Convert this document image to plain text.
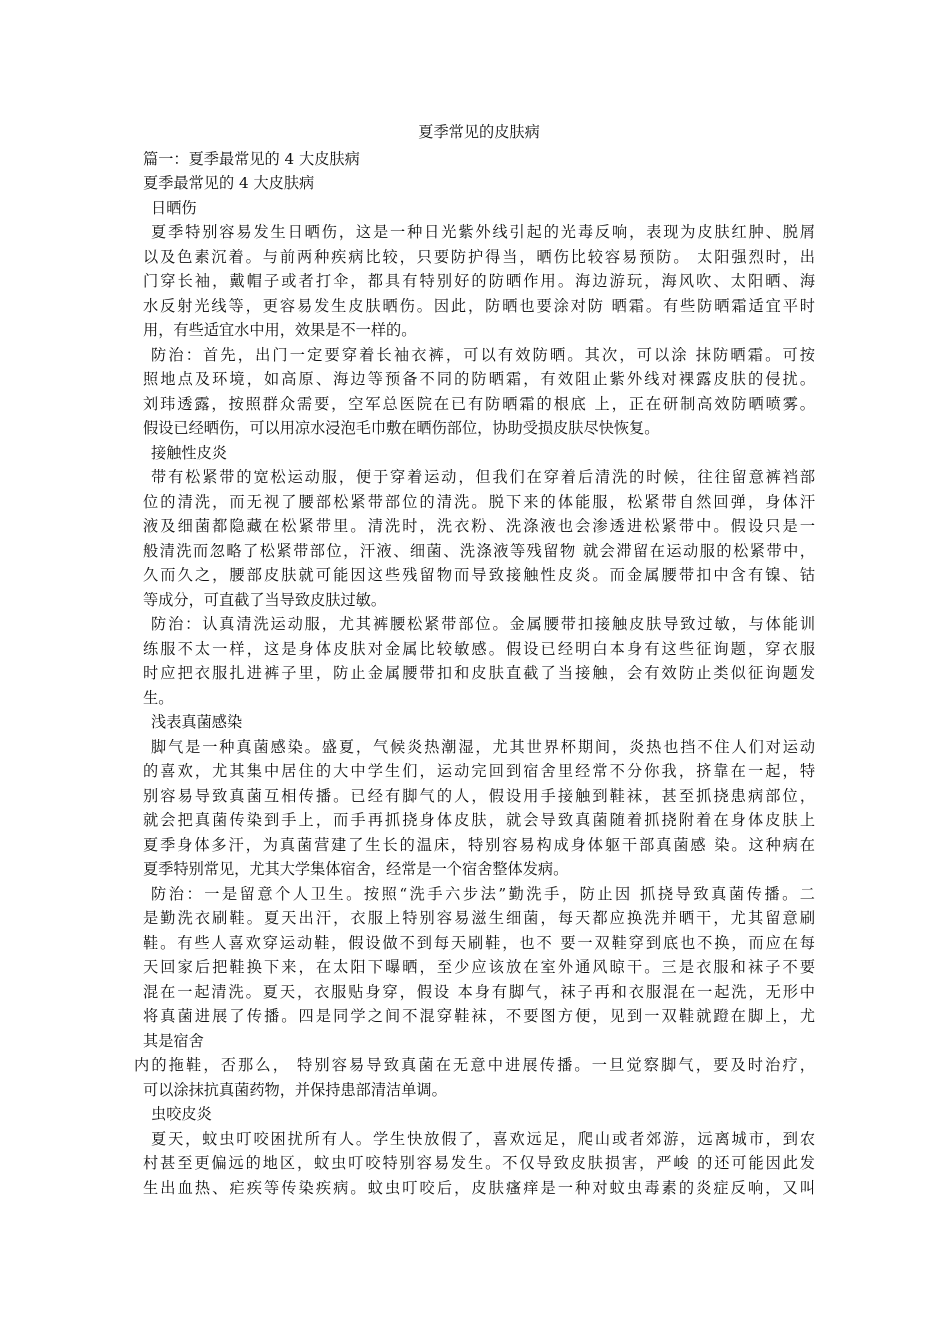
夏季常见的皮肤病

篇一：夏季最常见的 4 大皮肤病

夏季最常见的 4 大皮肤病

日晒伤

夏季特别容易发生日晒伤，这是一种日光紫外线引起的光毒反响，表现为皮肤红肿、脱屑

以及色素沉着。与前两种疾病比较，只要防护得当，晒伤比较容易预防。 太阳强烈时，出

门穿长袖，戴帽子或者打伞，都具有特别好的防晒作用。海边游玩，海风吹、太阳晒、海

水反射光线等，更容易发生皮肤晒伤。因此，防晒也要涂对防 晒霜。有些防晒霜适宜平时

用，有些适宜水中用，效果是不一样的。

防治：首先，出门一定要穿着长袖衣裤，可以有效防晒。其次，可以涂 抹防晒霜。可按

照地点及环境，如高原、海边等预备不同的防晒霜，有效阻止紫外线对裸露皮肤的侵扰。

刘玮透露，按照群众需要，空军总医院在已有防晒霜的根底 上，正在研制高效防晒喷雾。

假设已经晒伤，可以用凉水浸泡毛巾敷在晒伤部位，协助受损皮肤尽快恢复。

接触性皮炎

带有松紧带的宽松运动服，便于穿着运动，但我们在穿着后清洗的时候，往往留意裤裆部

位的清洗，而无视了腰部松紧带部位的清洗。脱下来的体能服，松紧带自然回弹，身体汗

液及细菌都隐藏在松紧带里。清洗时，洗衣粉、洗涤液也会渗透进松紧带中。假设只是一

般清洗而忽略了松紧带部位，汗液、细菌、洗涤液等残留物 就会滞留在运动服的松紧带中，

久而久之，腰部皮肤就可能因这些残留物而导致接触性皮炎。而金属腰带扣中含有镍、钴

等成分，可直截了当导致皮肤过敏。

防治：认真清洗运动服，尤其裤腰松紧带部位。金属腰带扣接触皮肤导致过敏，与体能训

练服不太一样，这是身体皮肤对金属比较敏感。假设已经明白本身有这些征询题，穿衣服

时应把衣服扎进裤子里，防止金属腰带扣和皮肤直截了当接触，会有效防止类似征询题发

生。

浅表真菌感染

脚气是一种真菌感染。盛夏，气候炎热潮湿，尤其世界杯期间，炎热也挡不住人们对运动

的喜欢，尤其集中居住的大中学生们，运动完回到宿舍里经常不分你我，挤靠在一起，特

别容易导致真菌互相传播。已经有脚气的人，假设用手接触到鞋袜，甚至抓挠患病部位，

就会把真菌传染到手上，而手再抓挠身体皮肤，就会导致真菌随着抓挠附着在身体皮肤上

夏季身体多汗，为真菌营建了生长的温床，特别容易构成身体躯干部真菌感 染。这种病在

夏季特别常见，尤其大学集体宿舍，经常是一个宿舍整体发病。

防治：一是留意个人卫生。按照“洗手六步法”勤洗手，防止因 抓挠导致真菌传播。二

是勤洗衣刷鞋。夏天出汗，衣服上特别容易滋生细菌，每天都应换洗并晒干，尤其留意刷

鞋。有些人喜欢穿运动鞋，假设做不到每天刷鞋，也不 要一双鞋穿到底也不换，而应在每

天回家后把鞋换下来，在太阳下曝晒，至少应该放在室外通风晾干。三是衣服和袜子不要

混在一起清洗。夏天，衣服贴身穿，假设 本身有脚气，袜子再和衣服混在一起洗，无形中

将真菌进展了传播。四是同学之间不混穿鞋袜，不要图方便，见到一双鞋就蹬在脚上，尤

其是宿舍

内的拖鞋，否那么， 特别容易导致真菌在无意中进展传播。一旦觉察脚气，要及时治疗，

可以涂抹抗真菌药物，并保持患部清洁单调。

虫咬皮炎

夏天，蚊虫叮咬困扰所有人。学生快放假了，喜欢远足，爬山或者郊游，远离城市，到农

村甚至更偏远的地区，蚊虫叮咬特别容易发生。不仅导致皮肤损害，严峻 的还可能因此发

生出血热、疟疾等传染疾病。蚊虫叮咬后，皮肤瘙痒是一种对蚊虫毒素的炎症反响，又叫
